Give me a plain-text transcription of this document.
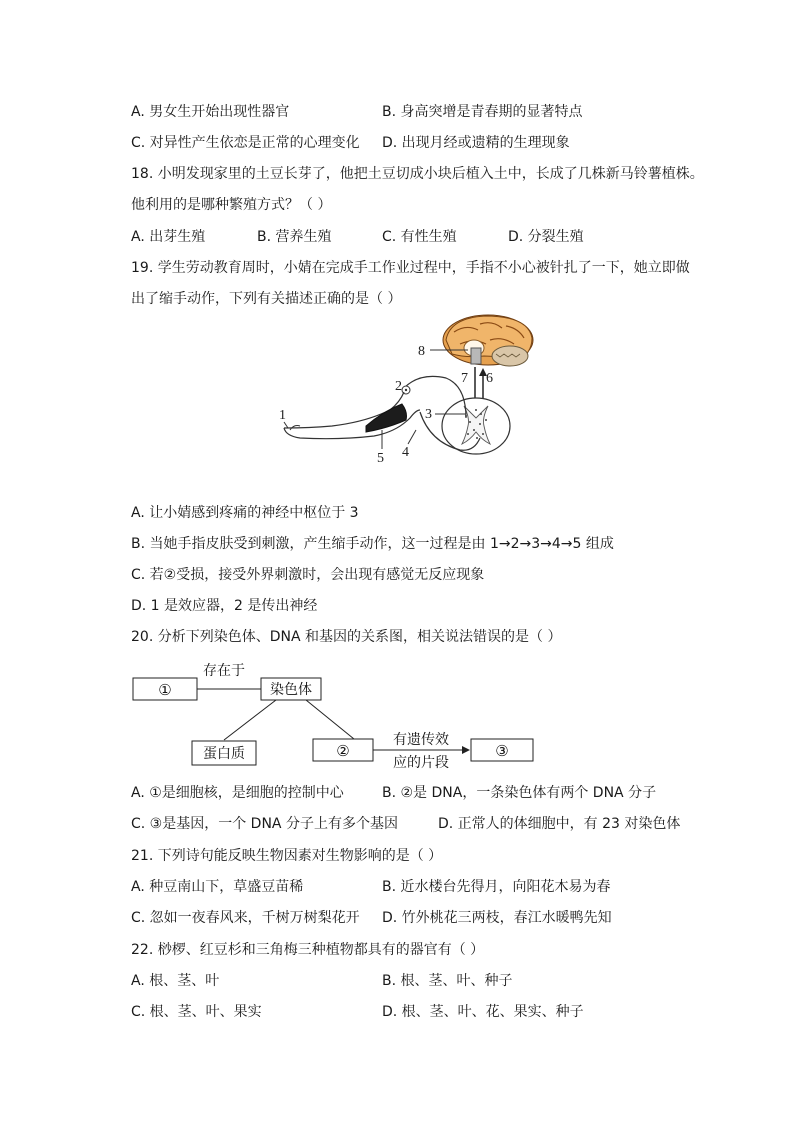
A. 男女生开始出现性器官	B. 身高突增是青春期的显著特点
C. 对异性产生依恋是正常的心理变化 D. 出现月经或遗精的生理现象
18. 小明发现家里的土豆长芽了，他把土豆切成小块后植入土中，长成了几株新马铃薯植株。
他利用的是哪种繁殖方式？（ ）
A. 出芽生殖	B. 营养生殖	C. 有性生殖	D. 分裂生殖
19. 学生劳动教育周时，小婧在完成手工作业过程中，手指不小心被针扎了一下，她立即做
出了缩手动作，下列有关描述正确的是（ ）
8
7 6
1
2
3
4
5
A. 让小婧感到疼痛的神经中枢位于 3
B. 当她手指皮肤受到刺激，产生缩手动作，这一过程是由 1→2→3→4→5 组成
C. 若②受损，接受外界刺激时，会出现有感觉无反应现象
D. 1 是效应器，2 是传出神经
20. 分析下列染色体、DNA 和基因的关系图，相关说法错误的是（ ）
①
存在于
染色体
蛋白质	②
有遗传效
应的片段
③
A. ①是细胞核，是细胞的控制中心	B. ②是 DNA，一条染色体有两个 DNA 分子
C. ③是基因，一个 DNA 分子上有多个基因	D. 正常人的体细胞中，有 23 对染色体
21. 下列诗句能反映生物因素对生物影响的是（ ）
A. 种豆南山下，草盛豆苗稀	B. 近水楼台先得月，向阳花木易为春
C. 忽如一夜春风来，千树万树梨花开 D. 竹外桃花三两枝，春江水暖鸭先知
22. 桫椤、红豆杉和三角梅三种植物都具有的器官有（ ）
A. 根、茎、叶	B. 根、茎、叶、种子
C. 根、茎、叶、果实	D. 根、茎、叶、花、果实、种子
